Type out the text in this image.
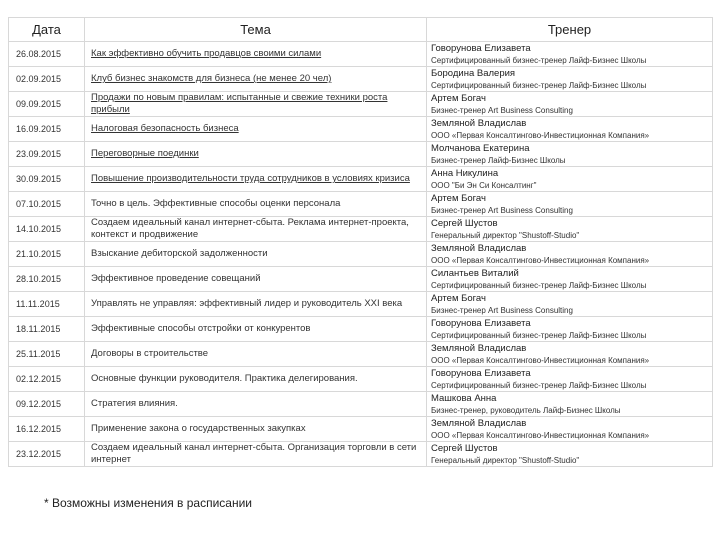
Дата	Тема	Тренер
26.08.2015	Как эффективно обучить продавцов своими силами	Говорунова Елизавета
Сертифицированный бизнес-тренер Лайф-Бизнес Школы

02.09.2015	Клуб бизнес знакомств для бизнеса (не менее 20 чел)	Бородина Валерия
Сертифицированный бизнес-тренер Лайф-Бизнес Школы

09.09.2015	Продажи по новым правилам: испытанные и свежие техники роста прибыли	Артем Богач
Бизнес-тренер Art Business Consulting

16.09.2015	Налоговая безопасность бизнеса	Земляной Владислав
ООО «Первая Консалтингово-Инвестиционная Компания»

23.09.2015	Переговорные поединки	Молчанова Екатерина
Бизнес-тренер Лайф-Бизнес Школы

30.09.2015	Повышение производительности труда сотрудников в условиях кризиса	Анна Никулина
ООО "Би Эн Си Консалтинг"

07.10.2015	Точно в цель. Эффективные способы оценки персонала	Артем Богач
Бизнес-тренер Art Business Consulting

14.10.2015	Создаем идеальный канал интернет-сбыта. Реклама интернет-проекта, контекст и продвижение	Сергей Шустов
Генеральный директор "Shustoff-Studio"

21.10.2015	Взыскание дебиторской задолженности	Земляной Владислав
ООО «Первая Консалтингово-Инвестиционная Компания»

28.10.2015	Эффективное проведение совещаний	Силантьев Виталий
Сертифицированный бизнес-тренер Лайф-Бизнес Школы

11.11.2015	Управлять не управляя: эффективный лидер и руководитель XXI века	Артем Богач
Бизнес-тренер Art Business Consulting

18.11.2015	Эффективные способы отстройки от конкурентов	Говорунова Елизавета
Сертифицированный бизнес-тренер Лайф-Бизнес Школы

25.11.2015	Договоры в строительстве	Земляной Владислав
ООО «Первая Консалтингово-Инвестиционная Компания»

02.12.2015	Основные функции руководителя. Практика делегирования.	Говорунова Елизавета
Сертифицированный бизнес-тренер Лайф-Бизнес Школы

09.12.2015	Стратегия влияния.	Машкова Анна
Бизнес-тренер, руководитель Лайф-Бизнес Школы

16.12.2015	Применение закона о государственных закупках	Земляной Владислав
ООО «Первая Консалтингово-Инвестиционная Компания»

23.12.2015	Создаем идеальный канал интернет-сбыта. Организация торговли в сети интернет	Сергей Шустов
Генеральный директор "Shustoff-Studio"
* Возможны изменения в расписании
